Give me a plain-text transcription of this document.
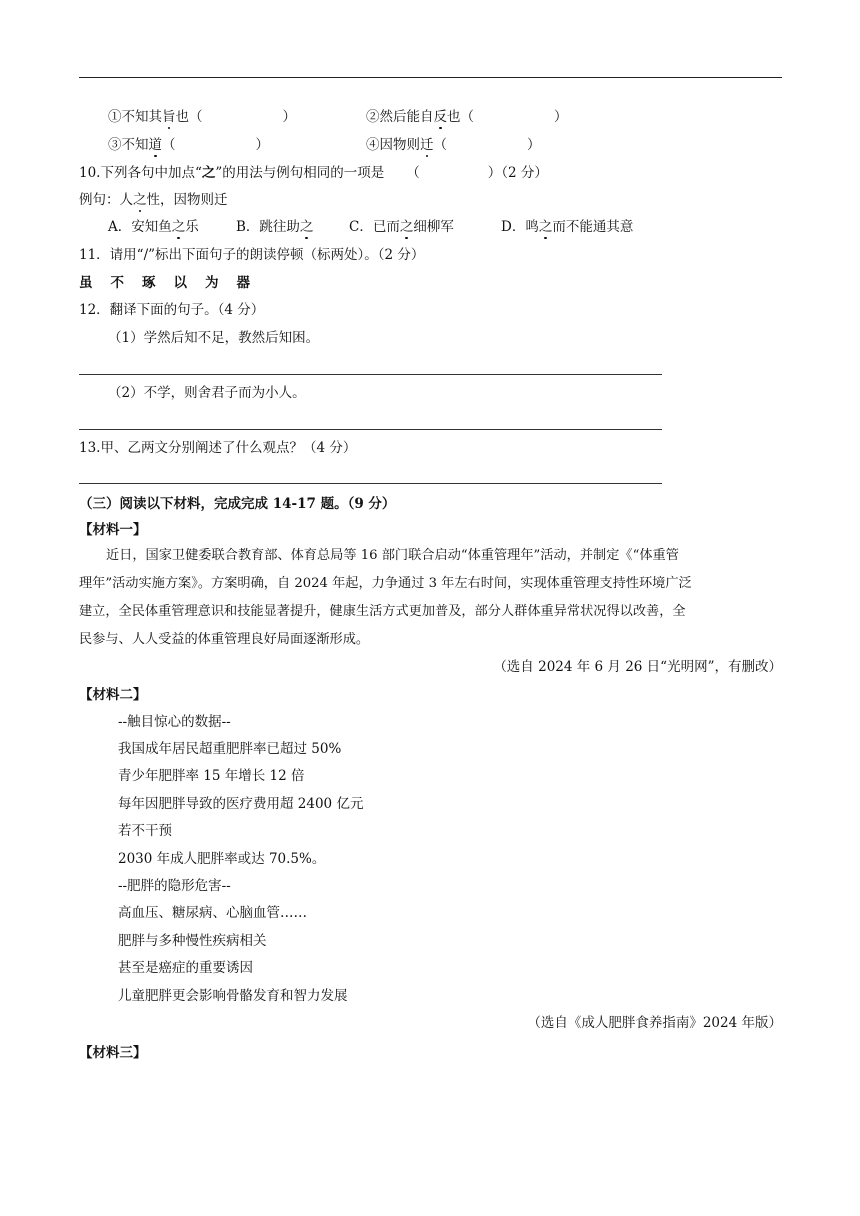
①不知其旨也（	）	②然后能自反也（	）
③不知道（	）	④因物则迁（	）
10.下列各句中加点“之”的用法与例句相同的一项是 （	）（2 分）
例句：人之性，因物则迁
A．安知鱼之乐	B．跳往助之	C．已而之细柳军	D．鸣之而不能通其意
11．请用“/”标出下面句子的朗读停顿（标两处）。（2 分）
虽不琢以为器
12．翻译下面的句子。（4 分）
（1）学然后知不足，教然后知困。
（2）不学，则舍君子而为小人。
13.甲、乙两文分别阐述了什么观点？（4 分）
（三）阅读以下材料，完成完成 14-17 题。（9 分）
【材料一】
近日，国家卫健委联合教育部、体育总局等 16 部门联合启动“体重管理年”活动，并制定《“体重管
理年”活动实施方案》。方案明确，自 2024 年起，力争通过 3 年左右时间，实现体重管理支持性环境广泛
建立，全民体重管理意识和技能显著提升，健康生活方式更加普及，部分人群体重异常状况得以改善，全
民参与、人人受益的体重管理良好局面逐渐形成。
（选自 2024 年 6 月 26 日“光明网”，有删改）
【材料二】
--触目惊心的数据--
我国成年居民超重肥胖率已超过 50%
青少年肥胖率 15 年增长 12 倍
每年因肥胖导致的医疗费用超 2400 亿元
若不干预
2030 年成人肥胖率或达 70.5%。
--肥胖的隐形危害--
高血压、糖尿病、心脑血管……
肥胖与多种慢性疾病相关
甚至是癌症的重要诱因
儿童肥胖更会影响骨骼发育和智力发展
（选自《成人肥胖食养指南》2024 年版）
【材料三】
